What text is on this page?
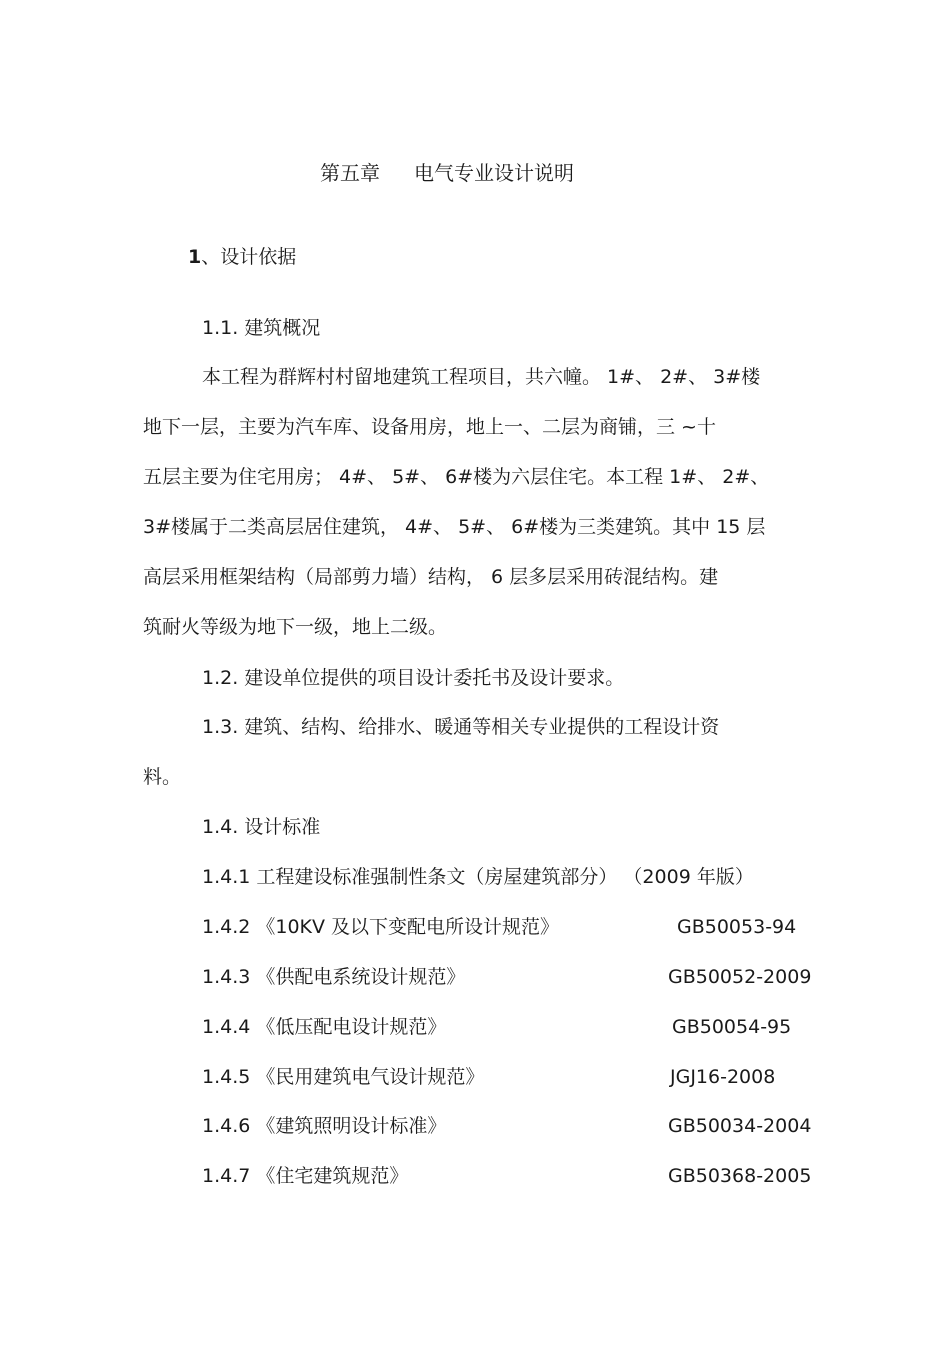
第五章 电气专业设计说明
1、设计依据
1.1. 建筑概况
本工程为群辉村村留地建筑工程项目，共六幢。 1#、 2#、 3#楼
地下一层，主要为汽车库、设备用房，地上一、二层为商铺，三 ~十
五层主要为住宅用房； 4#、 5#、 6#楼为六层住宅。本工程 1#、 2#、
3#楼属于二类高层居住建筑， 4#、 5#、 6#楼为三类建筑。其中 15 层
高层采用框架结构（局部剪力墙）结构， 6 层多层采用砖混结构。建
筑耐火等级为地下一级，地上二级。
1.2. 建设单位提供的项目设计委托书及设计要求。
1.3. 建筑、结构、给排水、暖通等相关专业提供的工程设计资
料。
1.4. 设计标准
1.4.1 工程建设标准强制性条文（房屋建筑部分） （2009 年版）
1.4.2 《10KV 及以下变配电所设计规范》	GB50053-94
1.4.3 《供配电系统设计规范》	GB50052-2009
1.4.4 《低压配电设计规范》	GB50054-95
1.4.5 《民用建筑电气设计规范》	JGJ16-2008
1.4.6 《建筑照明设计标准》	GB50034-2004
1.4.7 《住宅建筑规范》	GB50368-2005
